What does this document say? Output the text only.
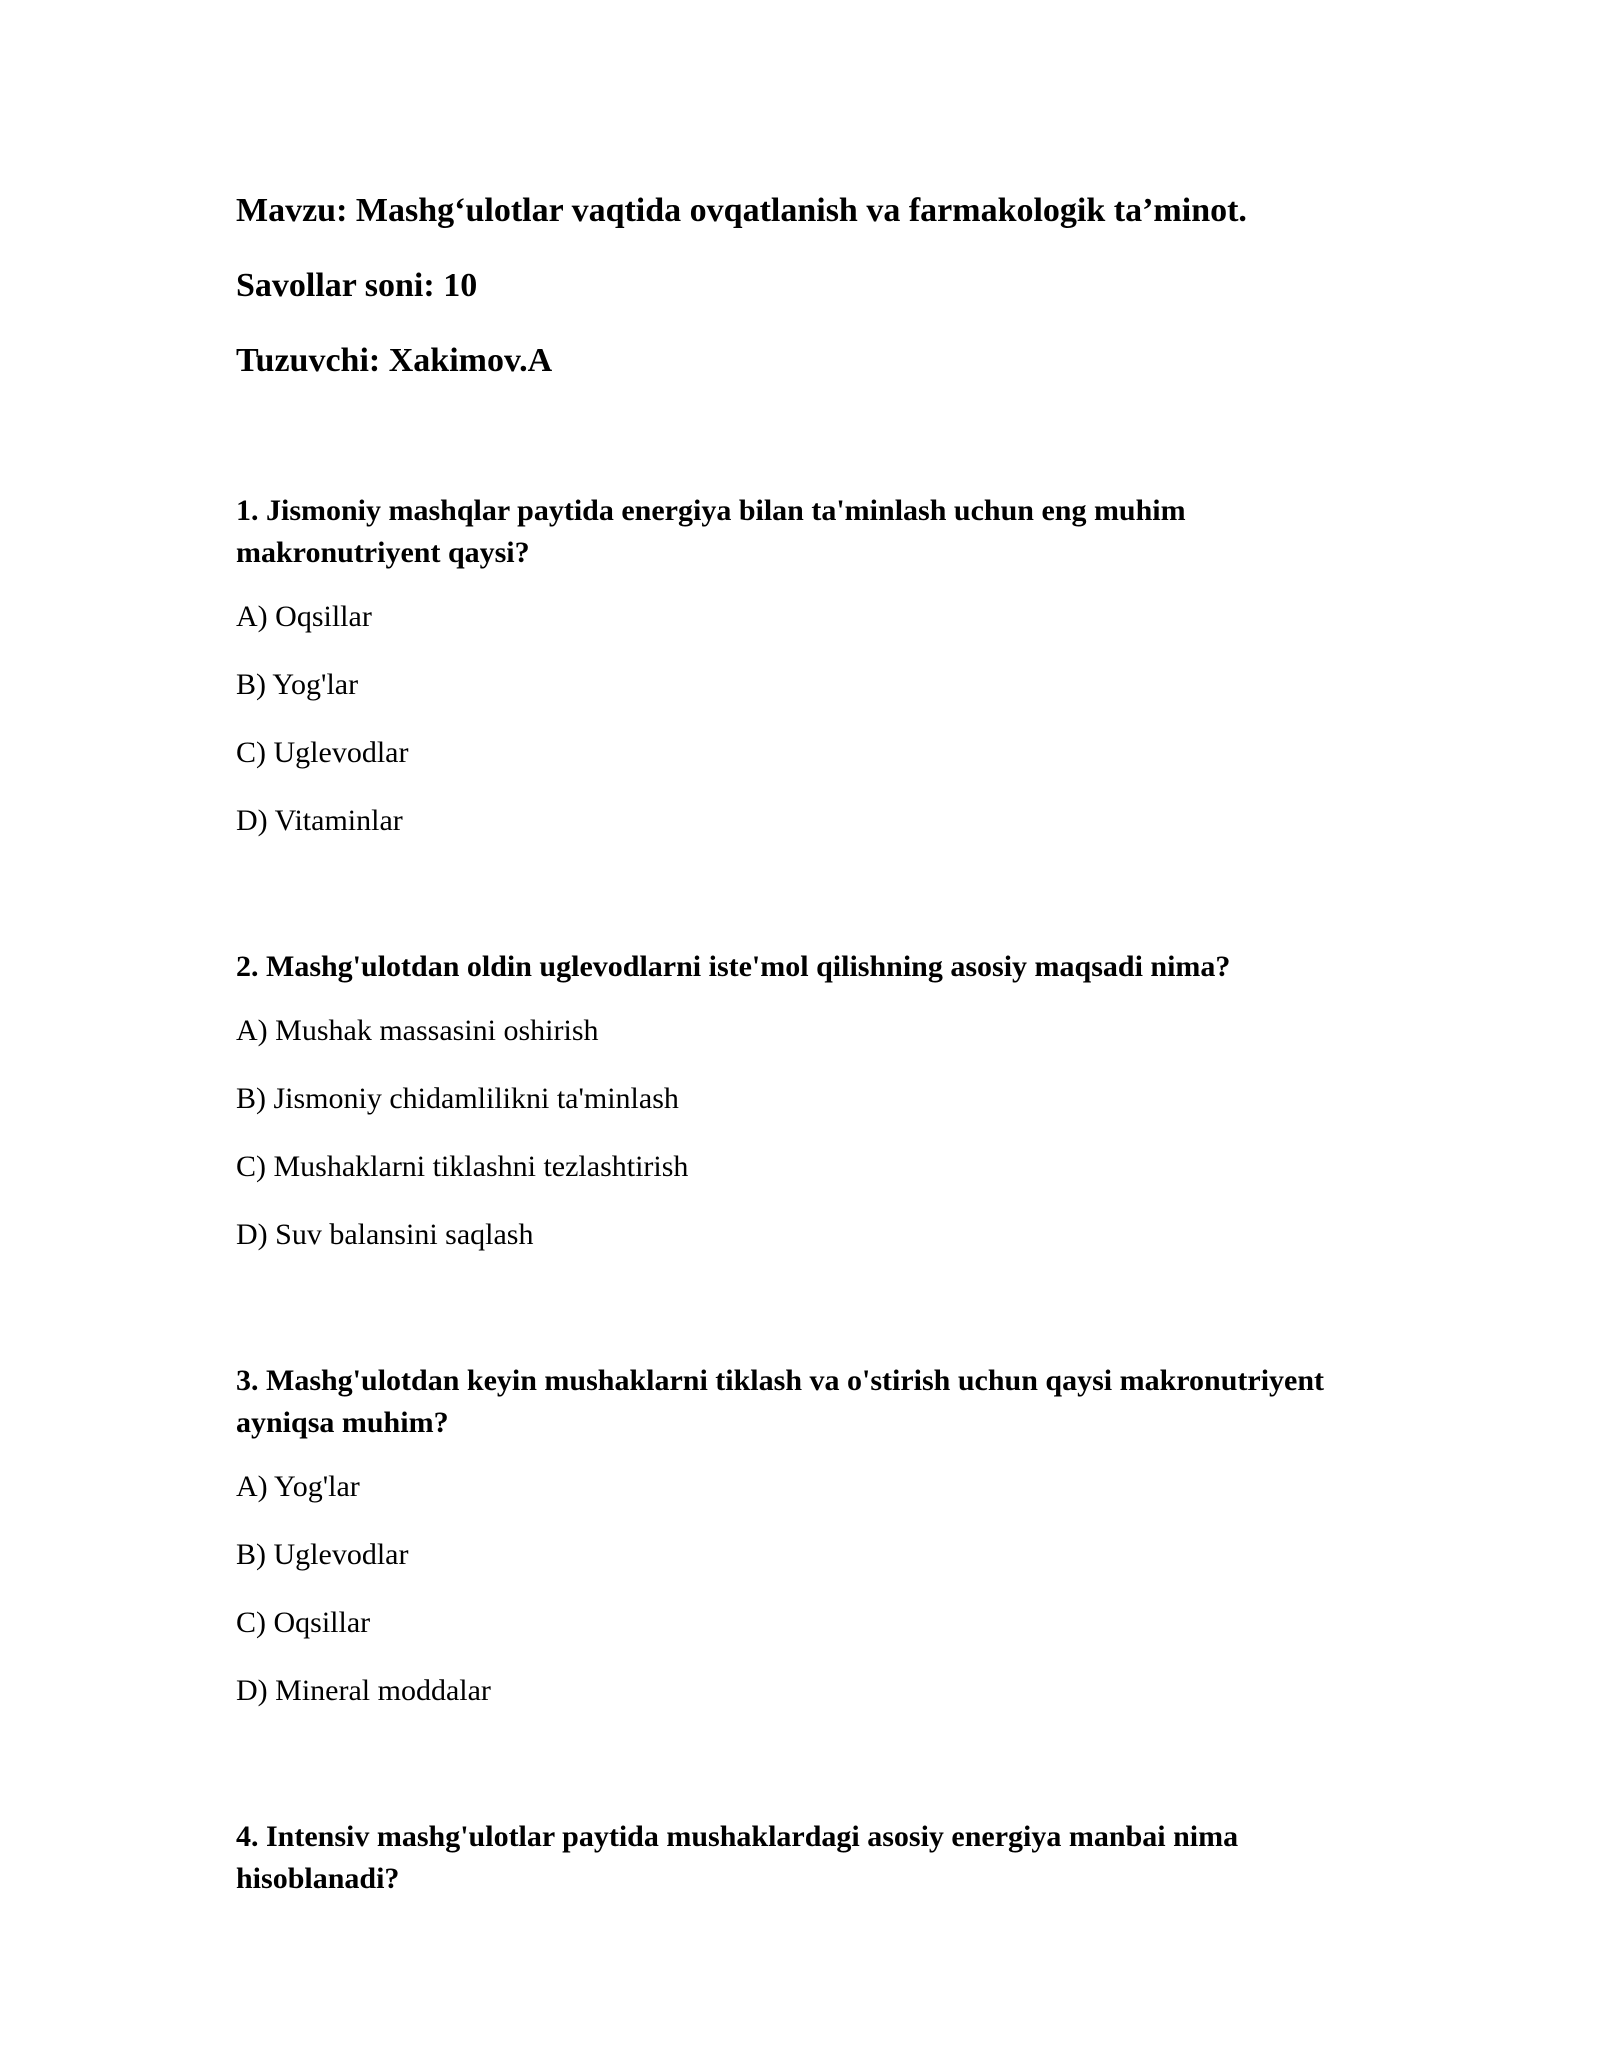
Mavzu: Mashg‘ulotlar vaqtida ovqatlanish va farmakologik ta’minot.
Savollar soni: 10
Tuzuvchi: Xakimov.A
1. Jismoniy mashqlar paytida energiya bilan ta'minlash uchun eng muhim makronutriyent qaysi?
A) Oqsillar
B) Yog'lar
C) Uglevodlar
D) Vitaminlar
2. Mashg'ulotdan oldin uglevodlarni iste'mol qilishning asosiy maqsadi nima?
A) Mushak massasini oshirish
B) Jismoniy chidamlilikni ta'minlash
C) Mushaklarni tiklashni tezlashtirish
D) Suv balansini saqlash
3. Mashg'ulotdan keyin mushaklarni tiklash va o'stirish uchun qaysi makronutriyent ayniqsa muhim?
A) Yog'lar
B) Uglevodlar
C) Oqsillar
D) Mineral moddalar
4. Intensiv mashg'ulotlar paytida mushaklardagi asosiy energiya manbai nima hisoblanadi?
